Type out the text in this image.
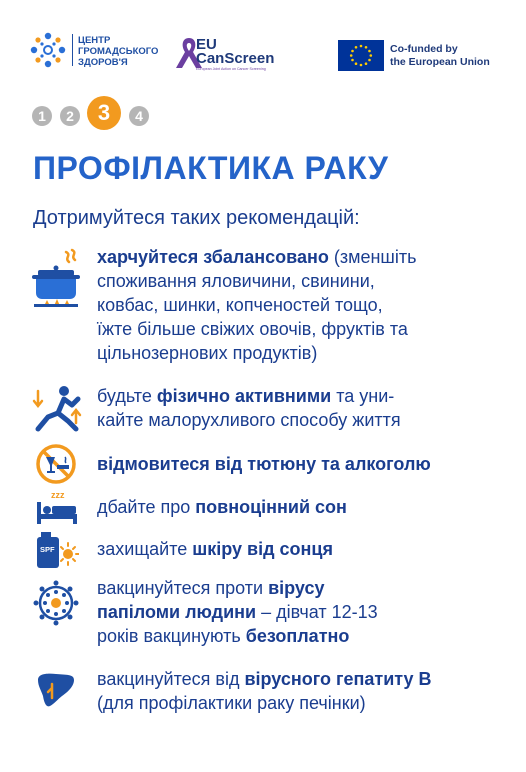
ЦЕНТР
ГРОМАДСЬКОГО
ЗДОРОВ'Я
EU
CanScreen
European Joint Action on Cancer Screening
Co-funded by
the European Union
1	2	3	4
ПРОФІЛАКТИКА РАКУ
Дотримуйтеся таких рекомендацій:
харчуйтеся збалансовано (зменшіть
споживання яловичини, свинини,
ковбас, шинки, копченостей тощо,
їжте більше свіжих овочів, фруктів та
цільнозернових продуктів)
будьте фізично активними та уни-
кайте малорухливого способу життя
відмовитеся від тютюну та алкоголю
zzz
дбайте про повноцінний сон
SPF захищайте шкіру від сонця
вакцинуйтеся проти вірусу
папіломи людини – дівчат 12-13
років вакцинують безоплатно
вакцинуйтеся від вірусного гепатиту В
(для профілактики раку печінки)
